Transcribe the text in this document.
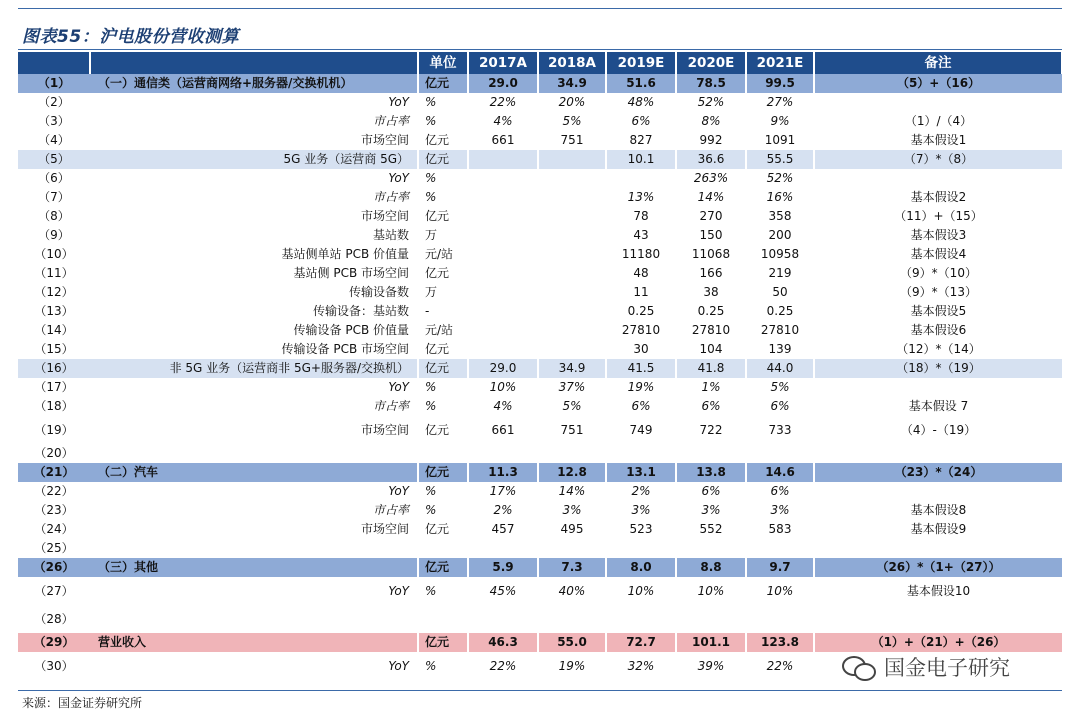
图表55：沪电股份营收测算
		单位	2017A	2018A	2019E	2020E	2021E	备注
（1）	（一）通信类（运营商网络+服务器/交换机机）	亿元	29.0	34.9	51.6	78.5	99.5	（5）+（16）
（2）	YoY	%	22%	20%	48%	52%	27%	
（3）	市占率	%	4%	5%	6%	8%	9%	（1）/（4）
（4）	市场空间	亿元	661	751	827	992	1091	基本假设1
（5）	5G 业务（运营商 5G）	亿元			10.1	36.6	55.5	（7）*（8）
（6）	YoY	%				263%	52%	
（7）	市占率	%			13%	14%	16%	基本假设2
（8）	市场空间	亿元			78	270	358	（11）+（15）
（9）	基站数	万			43	150	200	基本假设3
（10）	基站侧单站 PCB 价值量	元/站			11180	11068	10958	基本假设4
（11）	基站侧 PCB 市场空间	亿元			48	166	219	（9）*（10）
（12）	传输设备数	万			11	38	50	（9）*（13）
（13）	传输设备：基站数	-			0.25	0.25	0.25	基本假设5
（14）	传输设备 PCB 价值量	元/站			27810	27810	27810	基本假设6
（15）	传输设备 PCB 市场空间	亿元			30	104	139	（12）*（14）
（16）	非 5G 业务（运营商非 5G+服务器/交换机）	亿元	29.0	34.9	41.5	41.8	44.0	（18）*（19）
（17）	YoY	%	10%	37%	19%	1%	5%	
（18）	市占率	%	4%	5%	6%	6%	6%	基本假设 7
（19）	市场空间	亿元	661	751	749	722	733	（4）-（19）
（20）								
（21）	（二）汽车	亿元	11.3	12.8	13.1	13.8	14.6	（23）*（24）
（22）	YoY	%	17%	14%	2%	6%	6%	
（23）	市占率	%	2%	3%	3%	3%	3%	基本假设8
（24）	市场空间	亿元	457	495	523	552	583	基本假设9
（25）								
（26）	（三）其他	亿元	5.9	7.3	8.0	8.8	9.7	（26）*（1+（27））
（27）	YoY	%	45%	40%	10%	10%	10%	基本假设10
（28）								
（29）	营业收入	亿元	46.3	55.0	72.7	101.1	123.8	（1）+（21）+（26）
（30）	YoY	%	22%	19%	32%	39%	22%		国金电子研究
来源：国金证券研究所
